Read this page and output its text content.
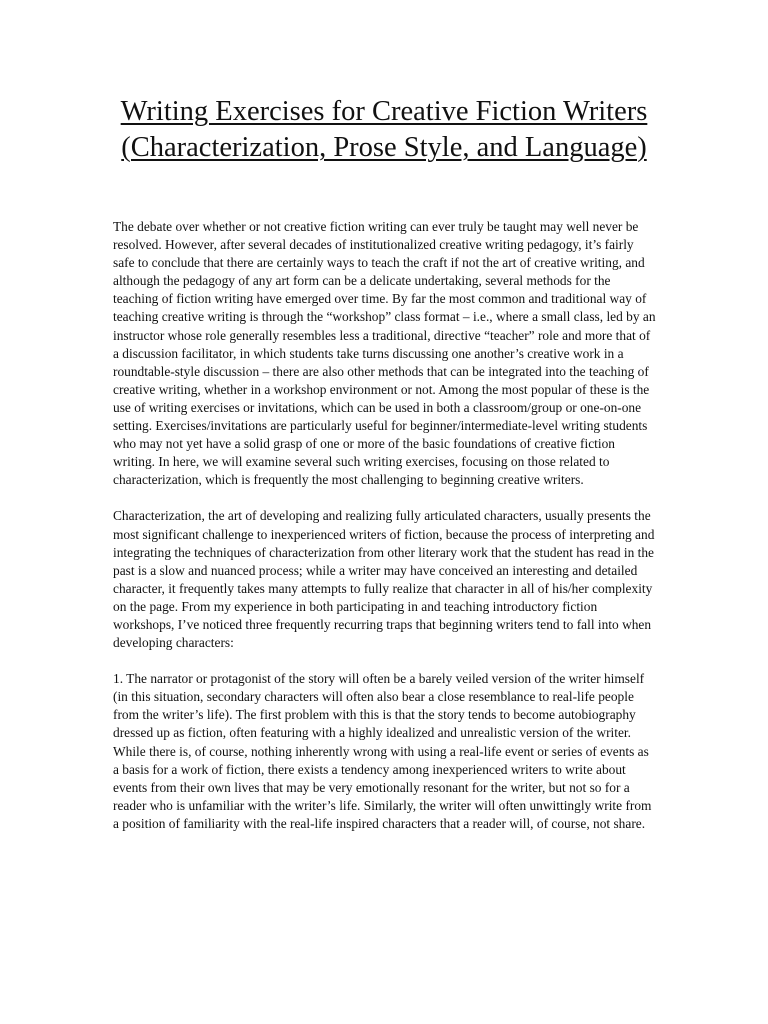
Writing Exercises for Creative Fiction Writers (Characterization, Prose Style, and Language)

The debate over whether or not creative fiction writing can ever truly be taught may well never be resolved. However, after several decades of institutionalized creative writing pedagogy, it’s fairly safe to conclude that there are certainly ways to teach the craft if not the art of creative writing, and although the pedagogy of any art form can be a delicate undertaking, several methods for the teaching of fiction writing have emerged over time. By far the most common and traditional way of teaching creative writing is through the “workshop” class format – i.e., where a small class, led by an instructor whose role generally resembles less a traditional, directive “teacher” role and more that of a discussion facilitator, in which students take turns discussing one another’s creative work in a roundtable-style discussion – there are also other methods that can be integrated into the teaching of creative writing, whether in a workshop environment or not. Among the most popular of these is the use of writing exercises or invitations, which can be used in both a classroom/group or one-on-one setting. Exercises/invitations are particularly useful for beginner/intermediate-level writing students who may not yet have a solid grasp of one or more of the basic foundations of creative fiction writing. In here, we will examine several such writing exercises, focusing on those related to characterization, which is frequently the most challenging to beginning creative writers.

Characterization, the art of developing and realizing fully articulated characters, usually presents the most significant challenge to inexperienced writers of fiction, because the process of interpreting and integrating the techniques of characterization from other literary work that the student has read in the past is a slow and nuanced process; while a writer may have conceived an interesting and detailed character, it frequently takes many attempts to fully realize that character in all of his/her complexity on the page. From my experience in both participating in and teaching introductory fiction workshops, I’ve noticed three frequently recurring traps that beginning writers tend to fall into when developing characters:

1. The narrator or protagonist of the story will often be a barely veiled version of the writer himself (in this situation, secondary characters will often also bear a close resemblance to real-life people from the writer’s life). The first problem with this is that the story tends to become autobiography dressed up as fiction, often featuring with a highly idealized and unrealistic version of the writer. While there is, of course, nothing inherently wrong with using a real-life event or series of events as a basis for a work of fiction, there exists a tendency among inexperienced writers to write about events from their own lives that may be very emotionally resonant for the writer, but not so for a reader who is unfamiliar with the writer’s life. Similarly, the writer will often unwittingly write from a position of familiarity with the real-life inspired characters that a reader will, of course, not share.
